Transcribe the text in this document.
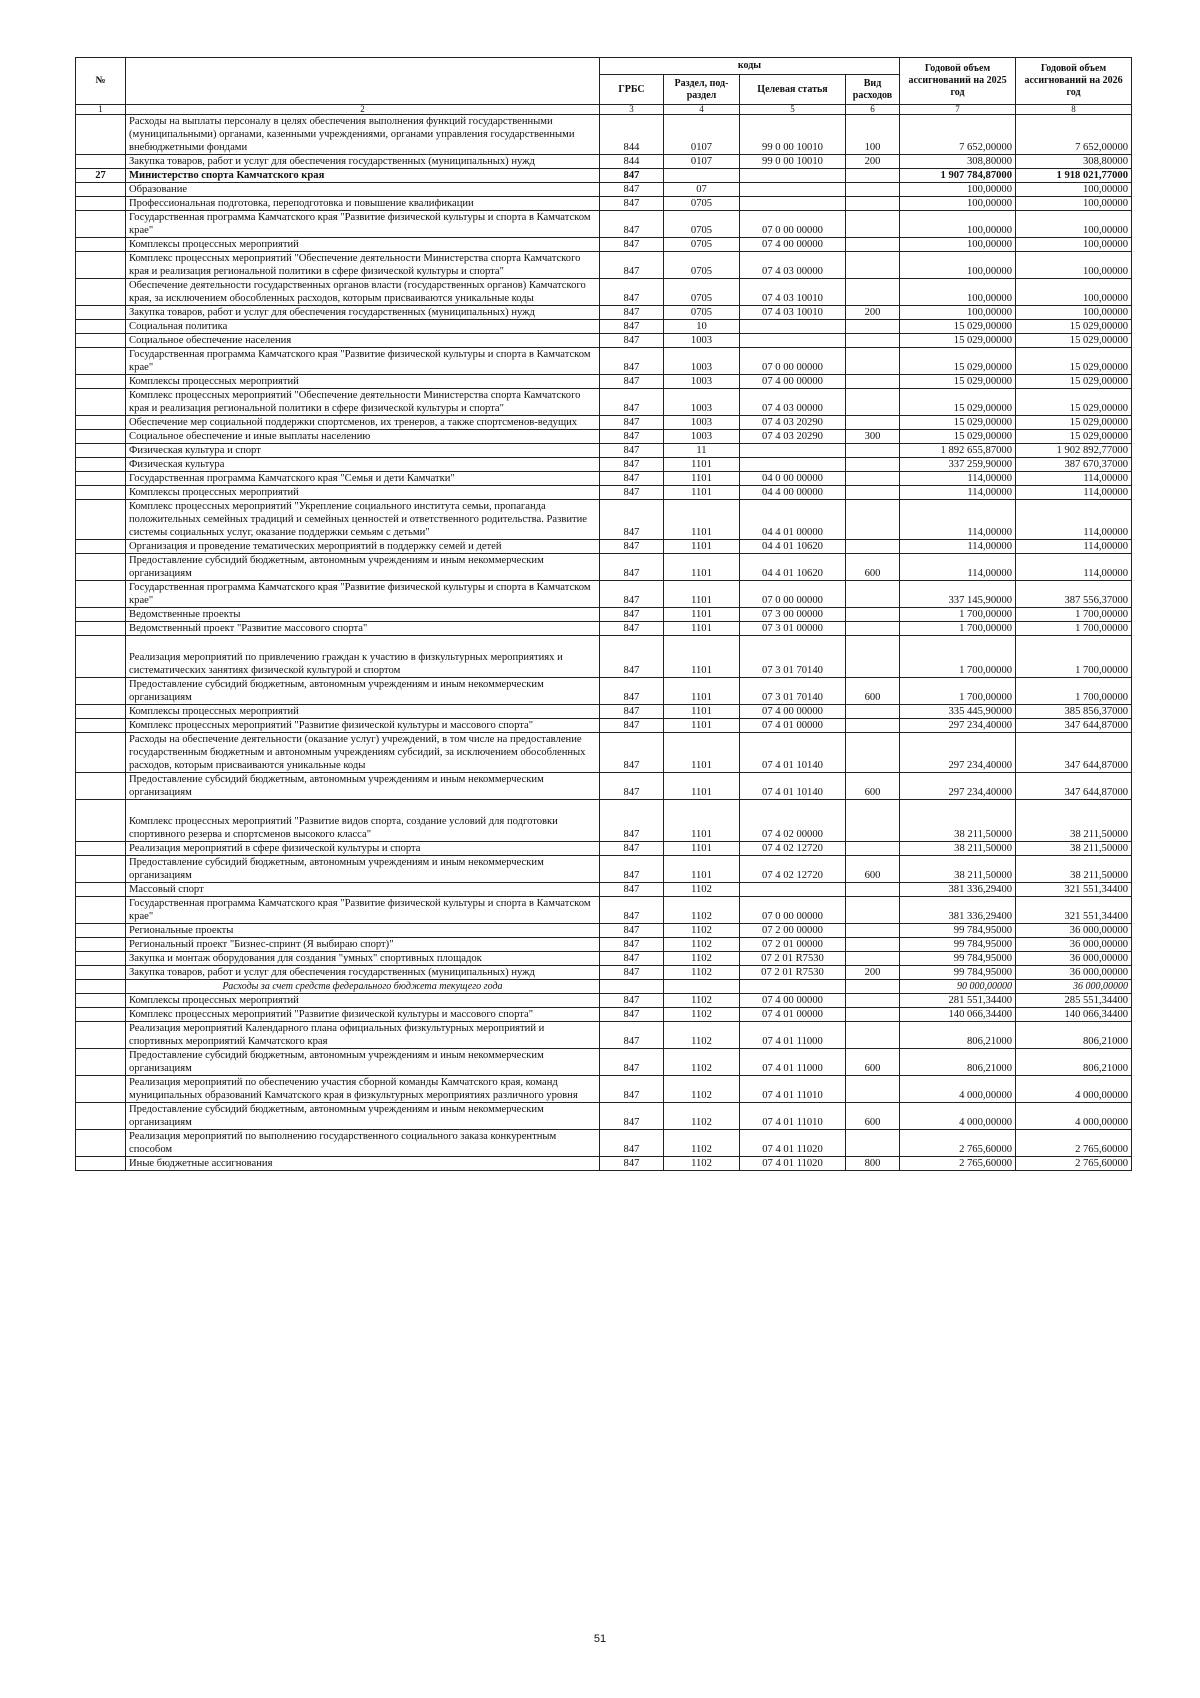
№		коды				Годовой объем ассигнований на 2025 год	Годовой объем ассигнований на 2026 год
		ГРБС	Раздел, под-раздел	Целевая статья	Вид расходов		
1	2	3	4	5	6	7	8
	Расходы на выплаты персоналу в целях обеспечения выполнения функций государственными (муниципальными) органами, казенными учреждениями, органами управления государственными внебюджетными фондами	844	0107	99 0 00 10010	100	7 652,00000	7 652,00000
	Закупка товаров, работ и услуг для обеспечения государственных (муниципальных) нужд	844	0107	99 0 00 10010	200	308,80000	308,80000
27	Министерство спорта Камчатского края	847				1 907 784,87000	1 918 021,77000
	Образование	847	07			100,00000	100,00000
	Профессиональная подготовка, переподготовка и повышение квалификации	847	0705			100,00000	100,00000
	Государственная программа Камчатского края "Развитие физической культуры и спорта в Камчатском крае"	847	0705	07 0 00 00000		100,00000	100,00000
	Комплексы процессных мероприятий	847	0705	07 4 00 00000		100,00000	100,00000
	Комплекс процессных мероприятий "Обеспечение деятельности Министерства спорта Камчатского края и реализация региональной политики в сфере физической культуры и спорта"	847	0705	07 4 03 00000		100,00000	100,00000
	Обеспечение деятельности государственных органов власти (государственных органов) Камчатского края, за исключением обособленных расходов, которым присваиваются уникальные коды	847	0705	07 4 03 10010		100,00000	100,00000
	Закупка товаров, работ и услуг для обеспечения государственных (муниципальных) нужд	847	0705	07 4 03 10010	200	100,00000	100,00000
	Социальная политика	847	10			15 029,00000	15 029,00000
	Социальное обеспечение населения	847	1003			15 029,00000	15 029,00000
	Государственная программа Камчатского края "Развитие физической культуры и спорта в Камчатском крае"	847	1003	07 0 00 00000		15 029,00000	15 029,00000
	Комплексы процессных мероприятий	847	1003	07 4 00 00000		15 029,00000	15 029,00000
	Комплекс процессных мероприятий "Обеспечение деятельности Министерства спорта Камчатского края и реализация региональной политики в сфере физической культуры и спорта"	847	1003	07 4 03 00000		15 029,00000	15 029,00000
	Обеспечение мер социальной поддержки спортсменов, их тренеров, а также спортсменов-ведущих	847	1003	07 4 03 20290		15 029,00000	15 029,00000
	Социальное обеспечение и иные выплаты населению	847	1003	07 4 03 20290	300	15 029,00000	15 029,00000
	Физическая культура и спорт	847	11			1 892 655,87000	1 902 892,77000
	Физическая культура	847	1101			337 259,90000	387 670,37000
	Государственная программа Камчатского края "Семья и дети Камчатки"	847	1101	04 0 00 00000		114,00000	114,00000
	Комплексы процессных мероприятий	847	1101	04 4 00 00000		114,00000	114,00000
	Комплекс процессных мероприятий "Укрепление социального института семьи, пропаганда положительных семейных традиций и семейных ценностей и ответственного родительства. Развитие системы социальных услуг, оказание поддержки семьям с детьми"	847	1101	04 4 01 00000		114,00000	114,00000
	Организация и проведение тематических мероприятий в поддержку семей и детей	847	1101	04 4 01 10620		114,00000	114,00000
	Предоставление субсидий бюджетным, автономным учреждениям и иным некоммерческим организациям	847	1101	04 4 01 10620	600	114,00000	114,00000
	Государственная программа Камчатского края "Развитие физической культуры и спорта в Камчатском крае"	847	1101	07 0 00 00000		337 145,90000	387 556,37000
	Ведомственные проекты	847	1101	07 3 00 00000		1 700,00000	1 700,00000
	Ведомственный проект "Развитие массового спорта"	847	1101	07 3 01 00000		1 700,00000	1 700,00000
	Реализация мероприятий по привлечению граждан к участию в физкультурных мероприятиях и систематических занятиях физической культурой и спортом	847	1101	07 3 01 70140		1 700,00000	1 700,00000
	Предоставление субсидий бюджетным, автономным учреждениям и иным некоммерческим организациям	847	1101	07 3 01 70140	600	1 700,00000	1 700,00000
	Комплексы процессных мероприятий	847	1101	07 4 00 00000		335 445,90000	385 856,37000
	Комплекс процессных мероприятий "Развитие физической культуры и массового спорта"	847	1101	07 4 01 00000		297 234,40000	347 644,87000
	Расходы на обеспечение деятельности (оказание услуг) учреждений, в том числе на предоставление государственным бюджетным и автономным учреждениям субсидий, за исключением обособленных расходов, которым присваиваются уникальные коды	847	1101	07 4 01 10140		297 234,40000	347 644,87000
	Предоставление субсидий бюджетным, автономным учреждениям и иным некоммерческим организациям	847	1101	07 4 01 10140	600	297 234,40000	347 644,87000
	Комплекс процессных мероприятий "Развитие видов спорта, создание условий для подготовки спортивного резерва и спортсменов высокого класса"	847	1101	07 4 02 00000		38 211,50000	38 211,50000
	Реализация мероприятий в сфере физической культуры и спорта	847	1101	07 4 02 12720		38 211,50000	38 211,50000
	Предоставление субсидий бюджетным, автономным учреждениям и иным некоммерческим организациям	847	1101	07 4 02 12720	600	38 211,50000	38 211,50000
	Массовый спорт	847	1102			381 336,29400	321 551,34400
	Государственная программа Камчатского края "Развитие физической культуры и спорта в Камчатском крае"	847	1102	07 0 00 00000		381 336,29400	321 551,34400
	Региональные проекты	847	1102	07 2 00 00000		99 784,95000	36 000,00000
	Региональный проект "Бизнес-спринт (Я выбираю спорт)"	847	1102	07 2 01 00000		99 784,95000	36 000,00000
	Закупка и монтаж оборудования для создания "умных" спортивных площадок	847	1102	07 2 01 R7530		99 784,95000	36 000,00000
	Закупка товаров, работ и услуг для обеспечения государственных (муниципальных) нужд	847	1102	07 2 01 R7530	200	99 784,95000	36 000,00000
	Расходы за счет средств федерального бюджета текущего года					90 000,00000	36 000,00000
	Комплексы процессных мероприятий	847	1102	07 4 00 00000		281 551,34400	285 551,34400
	Комплекс процессных мероприятий "Развитие физической культуры и массового спорта"	847	1102	07 4 01 00000		140 066,34400	140 066,34400
	Реализация мероприятий Календарного плана официальных физкультурных мероприятий и спортивных мероприятий Камчатского края	847	1102	07 4 01 11000		806,21000	806,21000
	Предоставление субсидий бюджетным, автономным учреждениям и иным некоммерческим организациям	847	1102	07 4 01 11000	600	806,21000	806,21000
	Реализация мероприятий по обеспечению участия сборной команды Камчатского края, команд муниципальных образований Камчатского края в физкультурных мероприятиях различного уровня	847	1102	07 4 01 11010		4 000,00000	4 000,00000
	Предоставление субсидий бюджетным, автономным учреждениям и иным некоммерческим организациям	847	1102	07 4 01 11010	600	4 000,00000	4 000,00000
	Реализация мероприятий по выполнению государственного социального заказа конкурентным способом	847	1102	07 4 01 11020		2 765,60000	2 765,60000
	Иные бюджетные ассигнования	847	1102	07 4 01 11020	800	2 765,60000	2 765,60000
51
